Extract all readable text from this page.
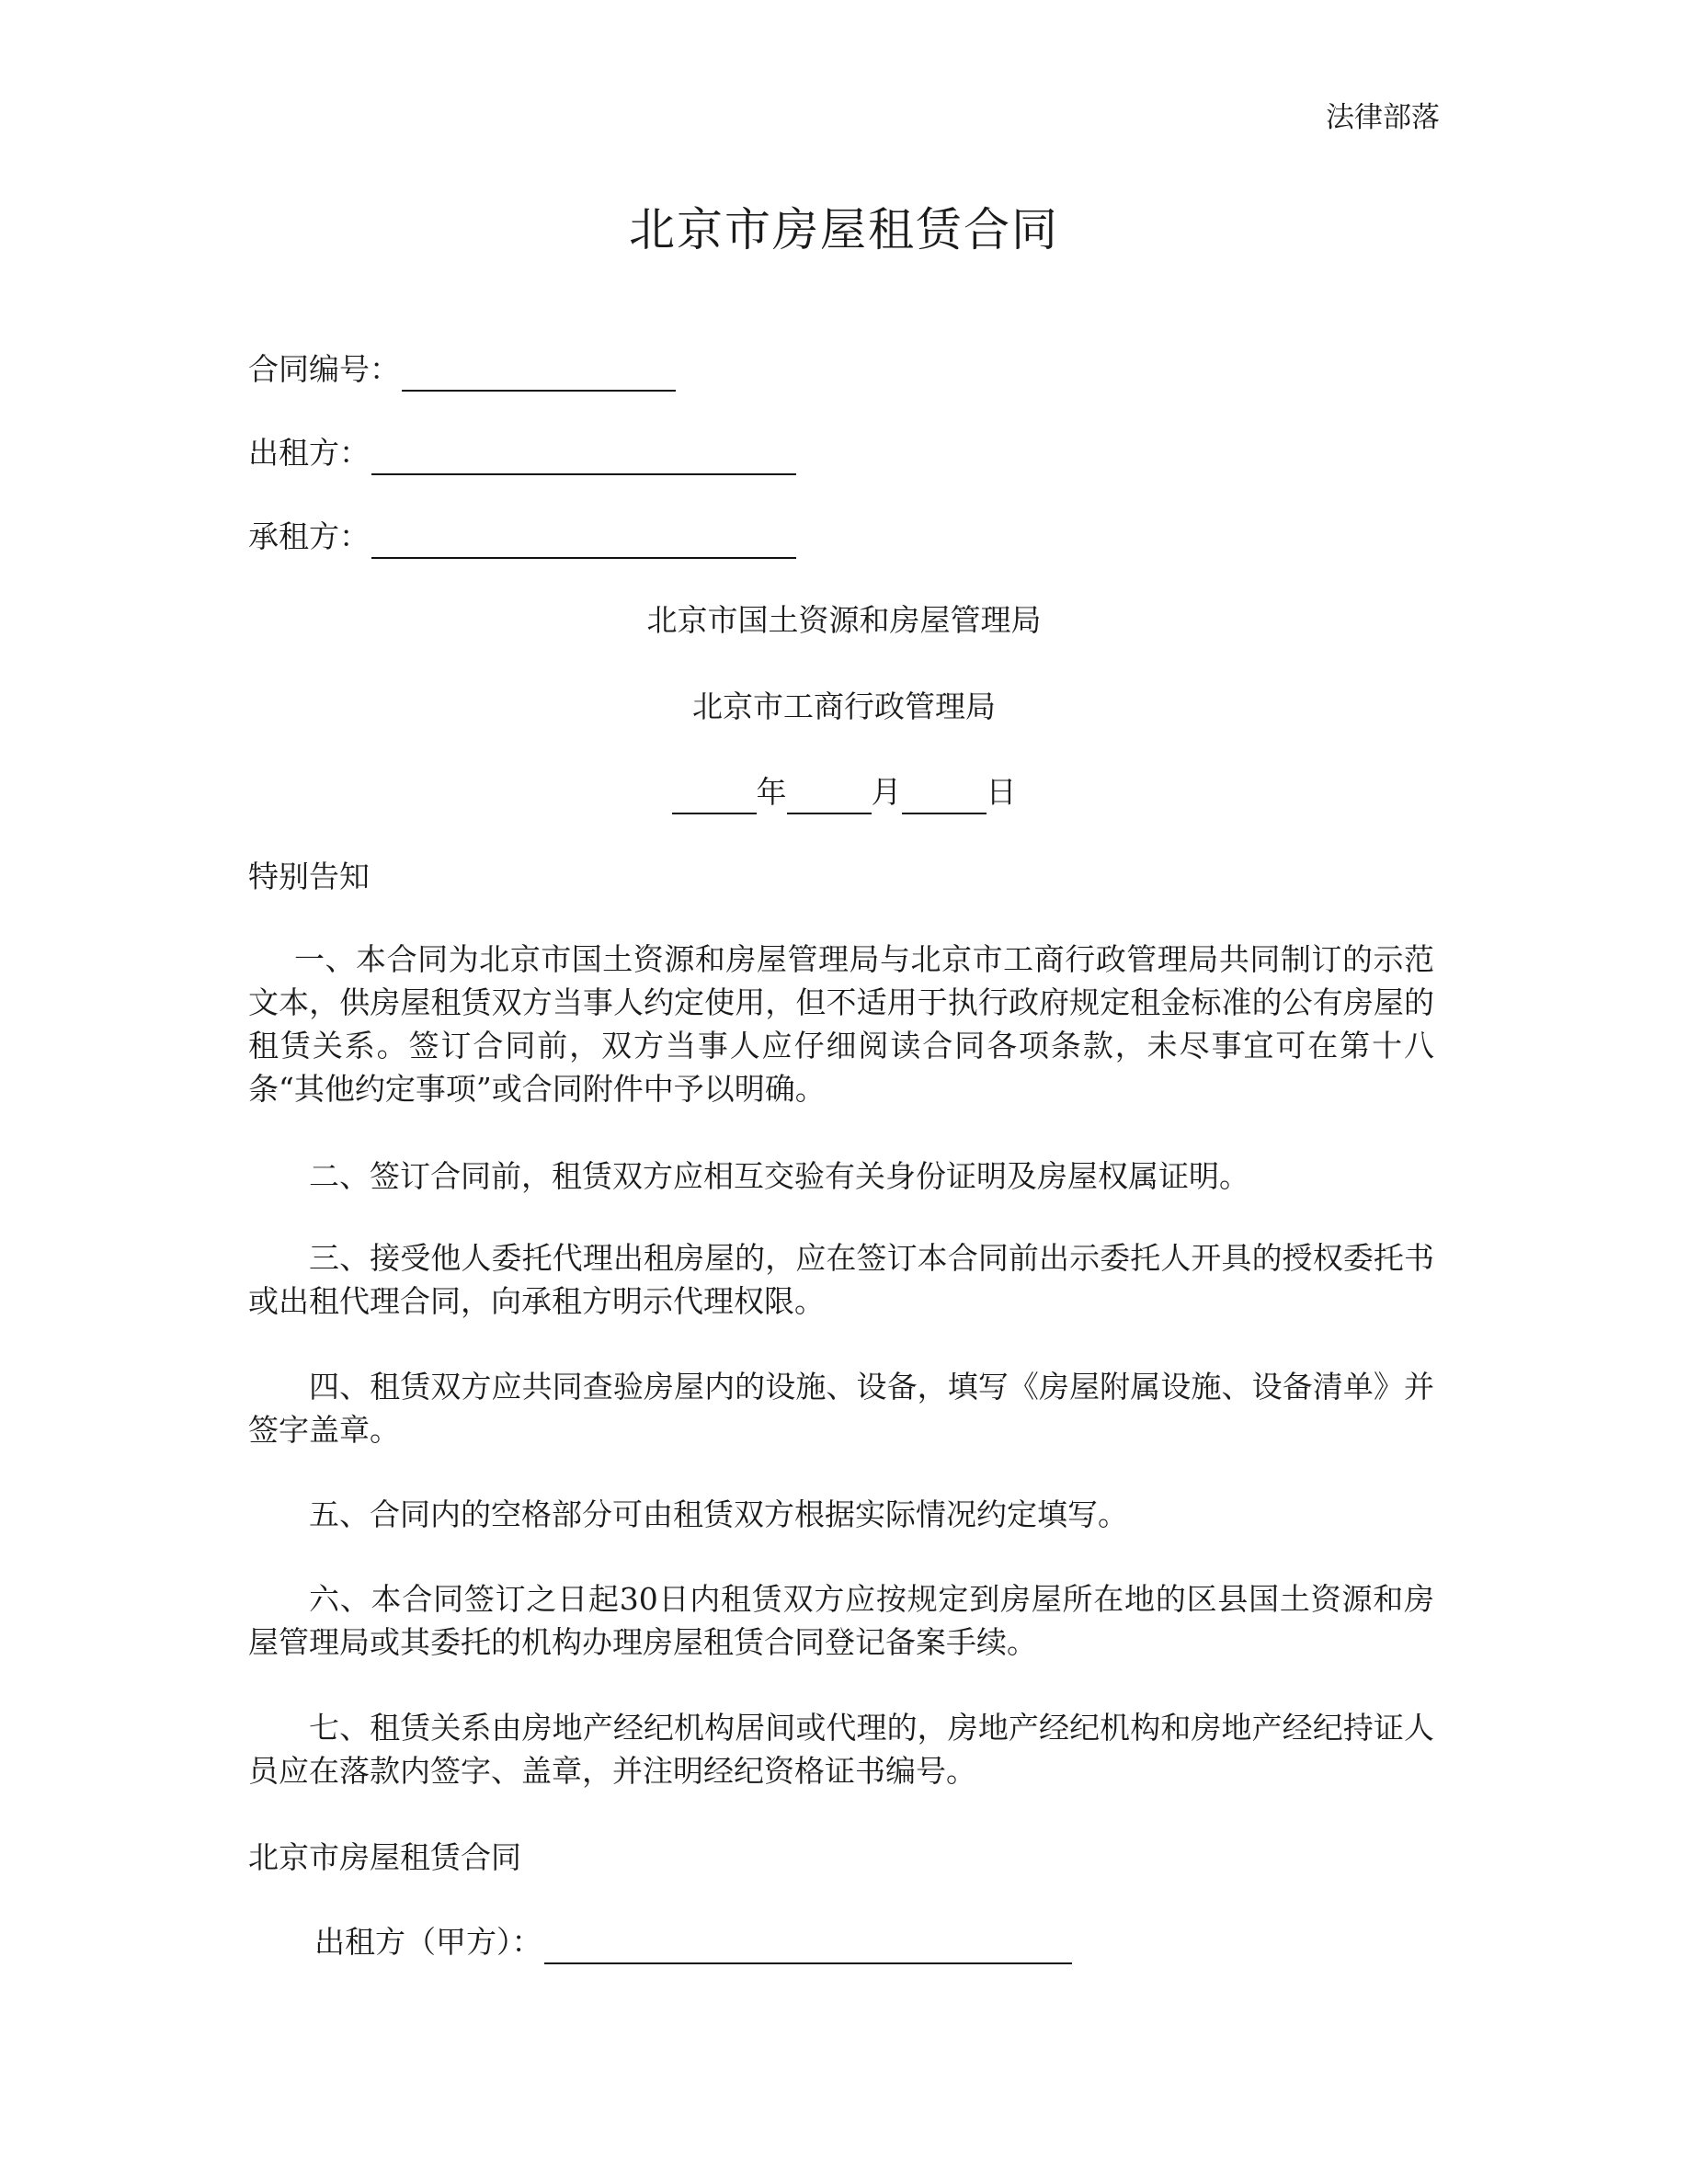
法律部落
北京市房屋租赁合同
合同编号：
出租方：
承租方：
北京市国土资源和房屋管理局
北京市工商行政管理局
年	月	日
特别告知
一、本合同为北京市国土资源和房屋管理局与北京市工商行政管理局共同制订的示范文本，供房屋租赁双方当事人约定使用，但不适用于执行政府规定租金标准的公有房屋的租赁关系。签订合同前，双方当事人应仔细阅读合同各项条款，未尽事宜可在第十八条“其他约定事项”或合同附件中予以明确。
二、签订合同前，租赁双方应相互交验有关身份证明及房屋权属证明。
三、接受他人委托代理出租房屋的，应在签订本合同前出示委托人开具的授权委托书或出租代理合同，向承租方明示代理权限。
四、租赁双方应共同查验房屋内的设施、设备，填写《房屋附属设施、设备清单》并签字盖章。
五、合同内的空格部分可由租赁双方根据实际情况约定填写。
六、本合同签订之日起30日内租赁双方应按规定到房屋所在地的区县国土资源和房屋管理局或其委托的机构办理房屋租赁合同登记备案手续。
七、租赁关系由房地产经纪机构居间或代理的，房地产经纪机构和房地产经纪持证人员应在落款内签字、盖章，并注明经纪资格证书编号。
北京市房屋租赁合同
出租方（甲方）：
